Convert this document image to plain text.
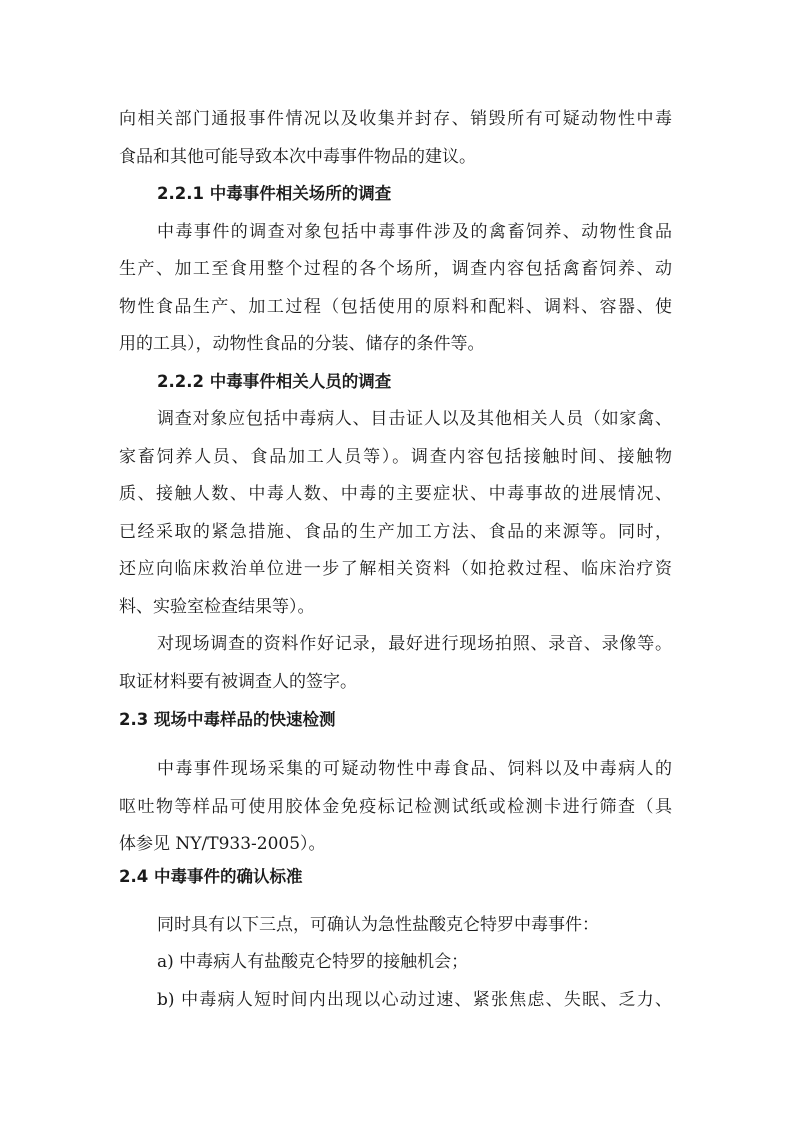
向相关部门通报事件情况以及收集并封存、销毁所有可疑动物性中毒
食品和其他可能导致本次中毒事件物品的建议。
2.2.1 中毒事件相关场所的调查
中毒事件的调查对象包括中毒事件涉及的禽畜饲养、动物性食品
生产、加工至食用整个过程的各个场所，调查内容包括禽畜饲养、动
物性食品生产、加工过程（包括使用的原料和配料、调料、容器、使
用的工具），动物性食品的分装、储存的条件等。
2.2.2 中毒事件相关人员的调查
调查对象应包括中毒病人、目击证人以及其他相关人员（如家禽、
家畜饲养人员、食品加工人员等）。调查内容包括接触时间、接触物
质、接触人数、中毒人数、中毒的主要症状、中毒事故的进展情况、
已经采取的紧急措施、食品的生产加工方法、食品的来源等。同时，
还应向临床救治单位进一步了解相关资料（如抢救过程、临床治疗资
料、实验室检查结果等）。
对现场调查的资料作好记录，最好进行现场拍照、录音、录像等。
取证材料要有被调查人的签字。
2.3 现场中毒样品的快速检测
中毒事件现场采集的可疑动物性中毒食品、饲料以及中毒病人的
呕吐物等样品可使用胶体金免疫标记检测试纸或检测卡进行筛查（具
体参见 NY/T933-2005）。
2.4 中毒事件的确认标准
同时具有以下三点，可确认为急性盐酸克仑特罗中毒事件：
a) 中毒病人有盐酸克仑特罗的接触机会；
b) 中毒病人短时间内出现以心动过速、紧张焦虑、失眠、乏力、
